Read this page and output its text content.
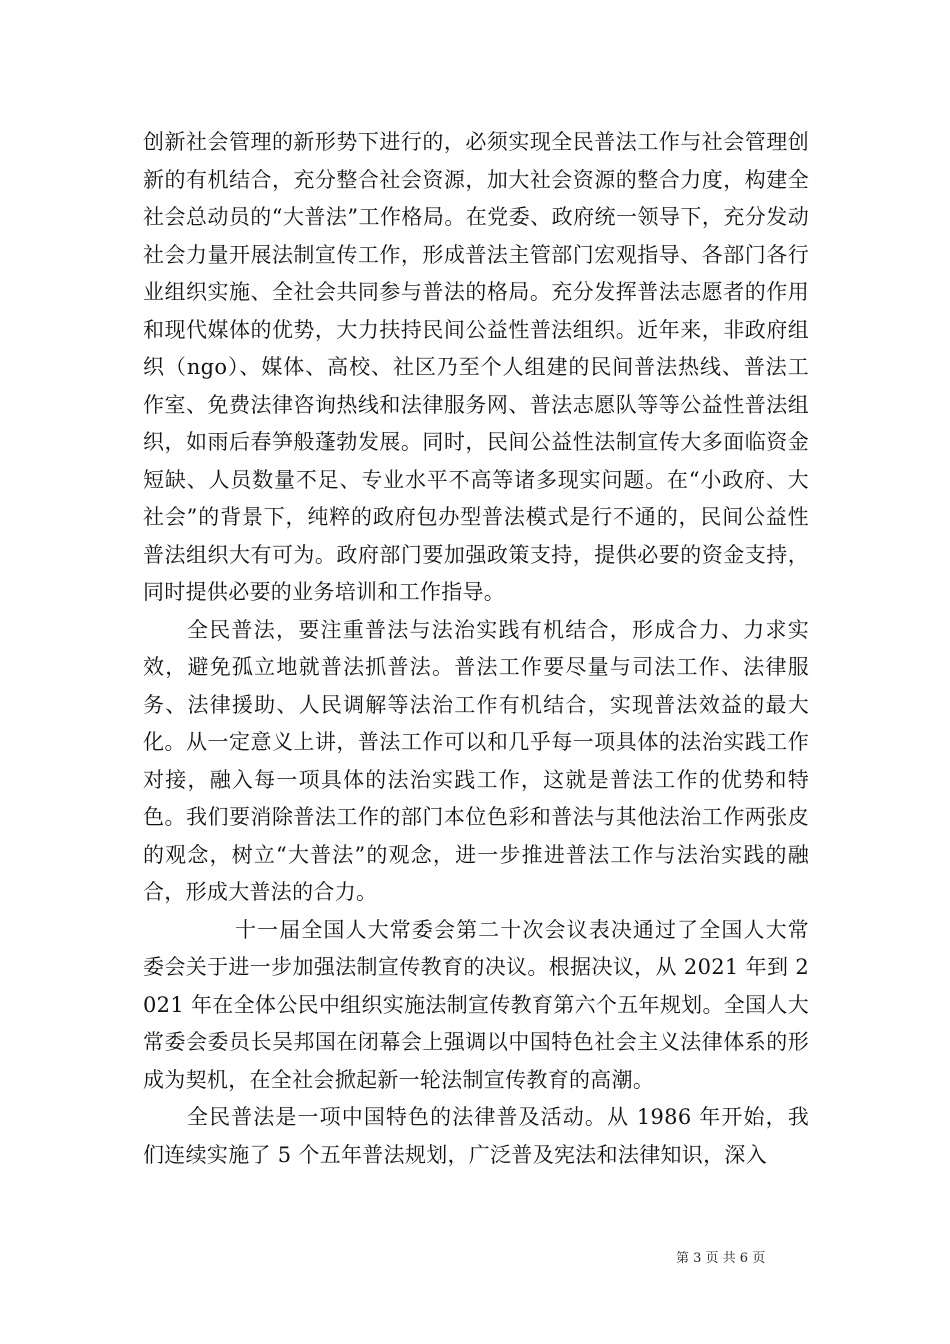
创新社会管理的新形势下进行的，必须实现全民普法工作与社会管理创新的有机结合，充分整合社会资源，加大社会资源的整合力度，构建全社会总动员的“大普法”工作格局。在党委、政府统一领导下，充分发动社会力量开展法制宣传工作，形成普法主管部门宏观指导、各部门各行业组织实施、全社会共同参与普法的格局。充分发挥普法志愿者的作用和现代媒体的优势，大力扶持民间公益性普法组织。近年来，非政府组织（ngo）、媒体、高校、社区乃至个人组建的民间普法热线、普法工作室、免费法律咨询热线和法律服务网、普法志愿队等等公益性普法组织，如雨后春笋般蓬勃发展。同时，民间公益性法制宣传大多面临资金短缺、人员数量不足、专业水平不高等诸多现实问题。在“小政府、大社会”的背景下，纯粹的政府包办型普法模式是行不通的，民间公益性普法组织大有可为。政府部门要加强政策支持，提供必要的资金支持，同时提供必要的业务培训和工作指导。

全民普法，要注重普法与法治实践有机结合，形成合力、力求实效，避免孤立地就普法抓普法。普法工作要尽量与司法工作、法律服务、法律援助、人民调解等法治工作有机结合，实现普法效益的最大化。从一定意义上讲，普法工作可以和几乎每一项具体的法治实践工作对接，融入每一项具体的法治实践工作，这就是普法工作的优势和特色。我们要消除普法工作的部门本位色彩和普法与其他法治工作两张皮的观念，树立“大普法”的观念，进一步推进普法工作与法治实践的融合，形成大普法的合力。

十一届全国人大常委会第二十次会议表决通过了全国人大常委会关于进一步加强法制宣传教育的决议。根据决议，从 2021 年到 2021 年在全体公民中组织实施法制宣传教育第六个五年规划。全国人大常委会委员长吴邦国在闭幕会上强调以中国特色社会主义法律体系的形成为契机，在全社会掀起新一轮法制宣传教育的高潮。

全民普法是一项中国特色的法律普及活动。从 1986 年开始，我们连续实施了 5 个五年普法规划，广泛普及宪法和法律知识，深入

第 3 页 共 6 页
